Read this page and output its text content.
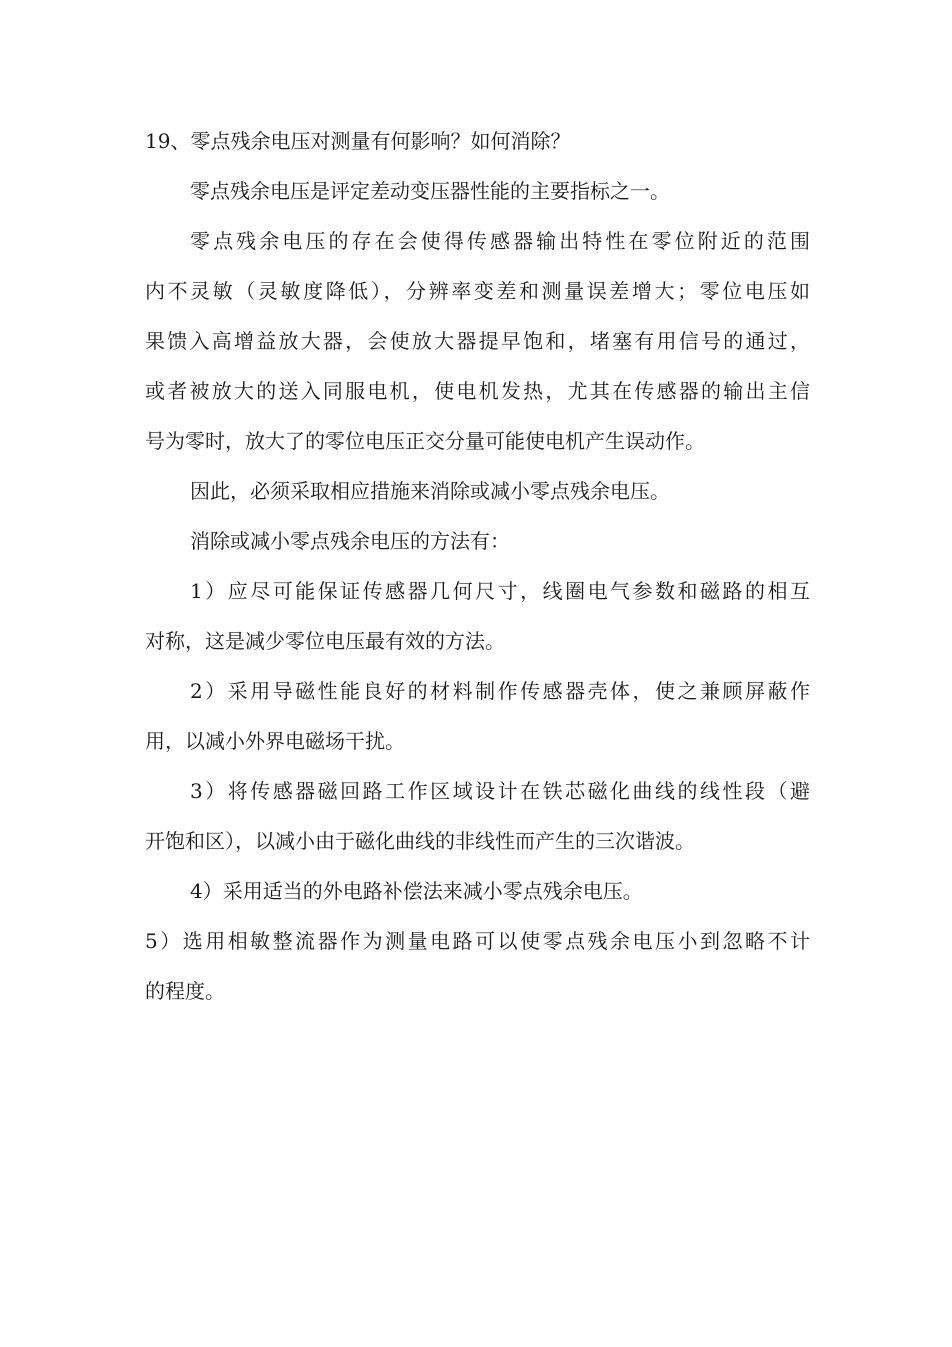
19、零点残余电压对测量有何影响？如何消除？
零点残余电压是评定差动变压器性能的主要指标之一。
零点残余电压的存在会使得传感器输出特性在零位附近的范围
内不灵敏（灵敏度降低），分辨率变差和测量误差增大；零位电压如
果馈入高增益放大器，会使放大器提早饱和，堵塞有用信号的通过，
或者被放大的送入同服电机，使电机发热，尤其在传感器的输出主信
号为零时，放大了的零位电压正交分量可能使电机产生误动作。
因此，必须采取相应措施来消除或减小零点残余电压。
消除或减小零点残余电压的方法有：
1）应尽可能保证传感器几何尺寸，线圈电气参数和磁路的相互
对称，这是减少零位电压最有效的方法。
2）采用导磁性能良好的材料制作传感器壳体，使之兼顾屏蔽作
用，以减小外界电磁场干扰。
3）将传感器磁回路工作区域设计在铁芯磁化曲线的线性段（避
开饱和区），以减小由于磁化曲线的非线性而产生的三次谐波。
4）采用适当的外电路补偿法来减小零点残余电压。
5）选用相敏整流器作为测量电路可以使零点残余电压小到忽略不计
的程度。
